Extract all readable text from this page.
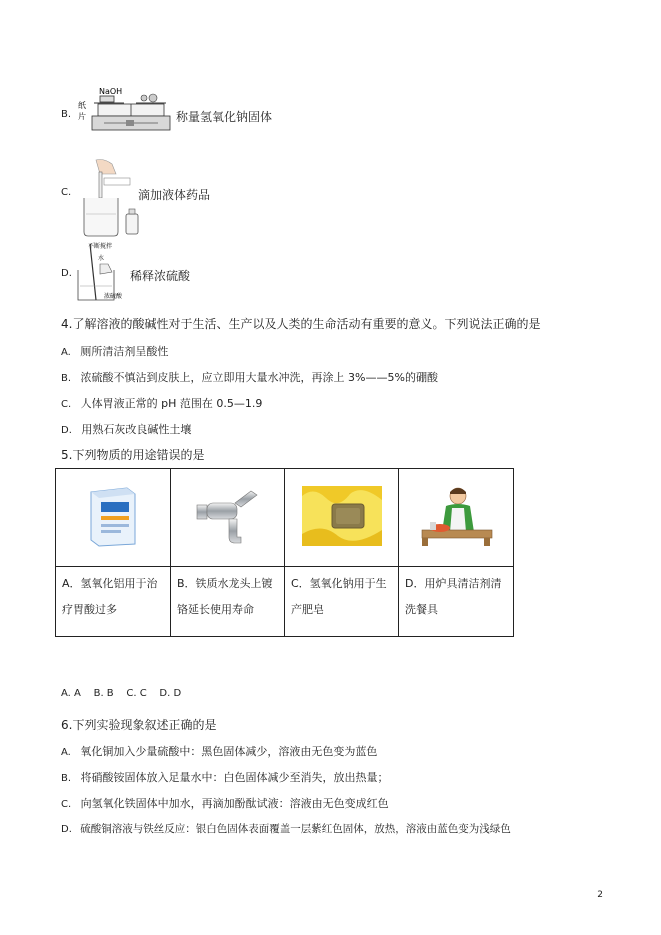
B.
NaOH
纸
片	称量氢氧化钠固体
C.	滴加液体药品
D.
不断搅拌
水
浓硫酸
稀释浓硫酸
4.了解溶液的酸碱性对于生活、生产以及人类的生命活动有重要的意义。下列说法正确的是
A. 厕所清洁剂呈酸性
B. 浓硫酸不慎沾到皮肤上，应立即用大量水冲洗，再涂上 3%——5%的硼酸
C. 人体胃液正常的 pH 范围在 0.5—1.9
D. 用熟石灰改良碱性土壤
5.下列物质的用途错误的是

A．氢氧化铝用于治疗胃酸过多	B．铁质水龙头上镀铬延长使用寿命	C．氢氧化钠用于生产肥皂	D．用炉具清洁剂清洗餐具
A. A    B. B    C. C    D. D
6.下列实验现象叙述正确的是
A. 氧化铜加入少量硫酸中：黑色固体减少，溶液由无色变为蓝色
B. 将硝酸铵固体放入足量水中：白色固体减少至消失，放出热量；
C. 向氢氧化铁固体中加水，再滴加酚酞试液：溶液由无色变成红色
D. 硫酸铜溶液与铁丝反应：银白色固体表面覆盖一层紫红色固体，放热，溶液由蓝色变为浅绿色
2
